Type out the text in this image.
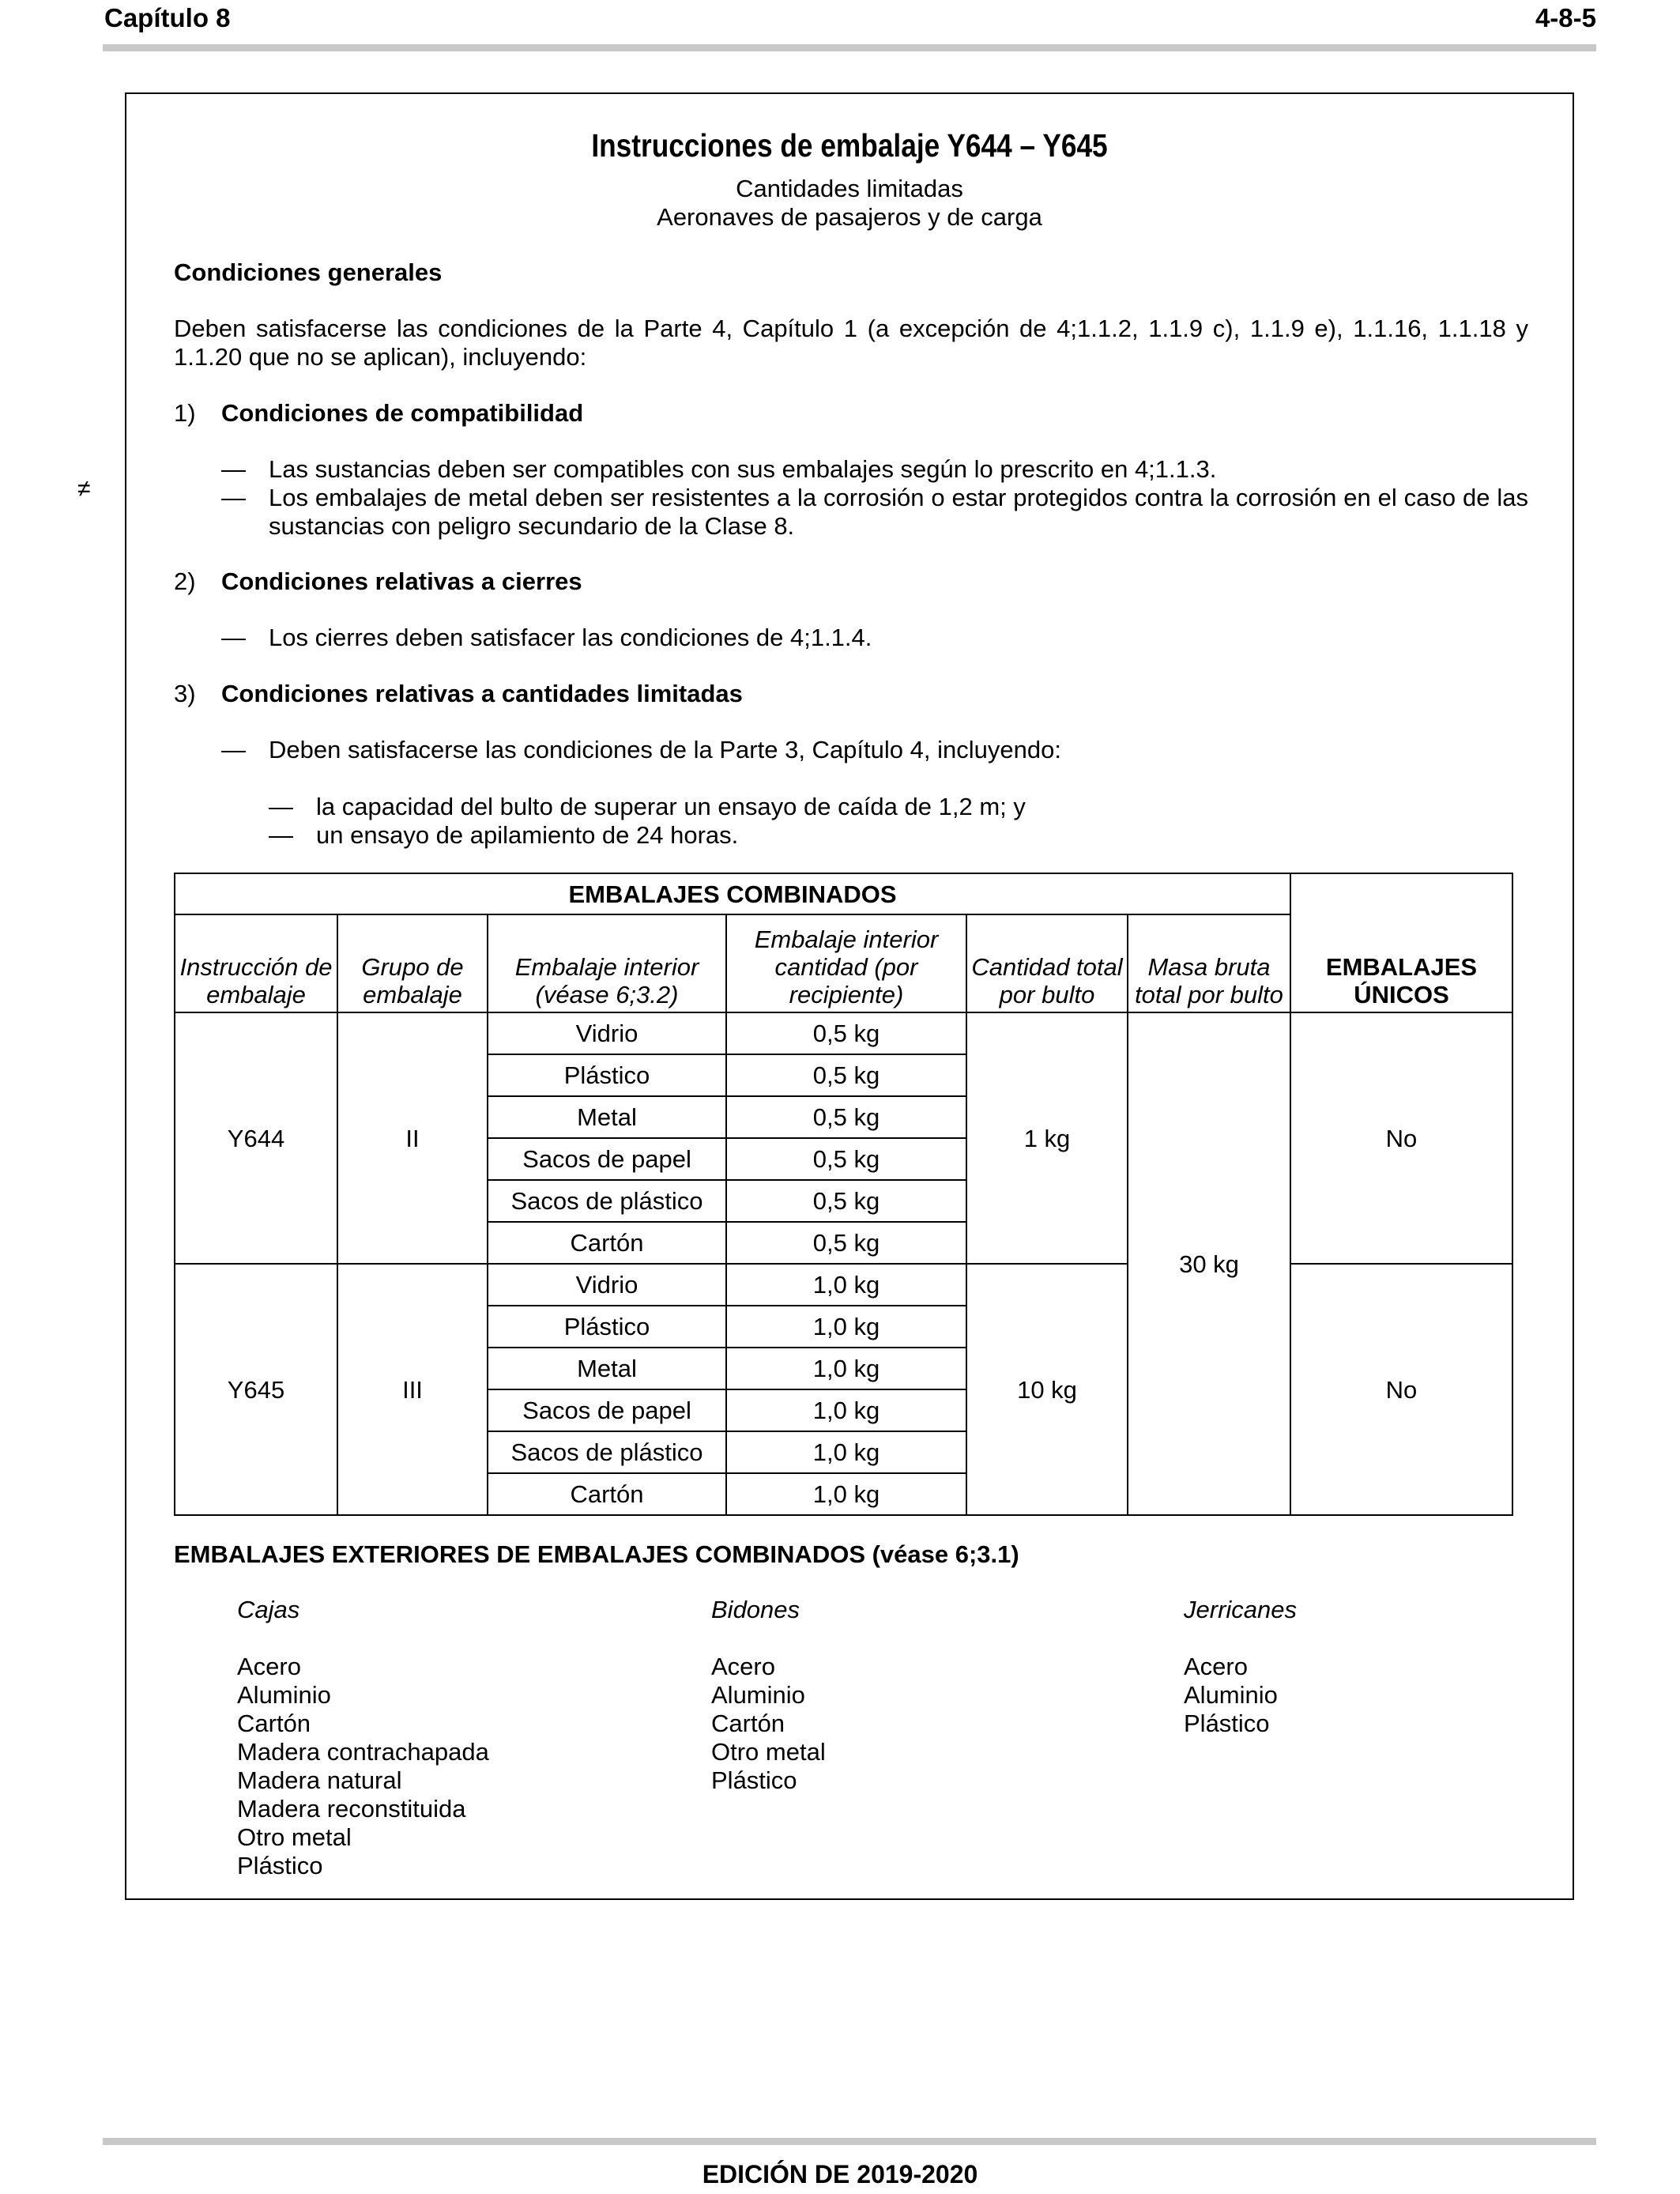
Capítulo 8	4-8-5
≠
Instrucciones de embalaje Y644 – Y645
Cantidades limitadas
Aeronaves de pasajeros y de carga
Condiciones generales
Deben satisfacerse las condiciones de la Parte 4, Capítulo 1 (a excepción de 4;1.1.2, 1.1.9 c), 1.1.9 e), 1.1.16, 1.1.18 y 1.1.20 que no se aplican), incluyendo:
1) Condiciones de compatibilidad
— Las sustancias deben ser compatibles con sus embalajes según lo prescrito en 4;1.1.3.
— Los embalajes de metal deben ser resistentes a la corrosión o estar protegidos contra la corrosión en el caso de las sustancias con peligro secundario de la Clase 8.
2) Condiciones relativas a cierres
— Los cierres deben satisfacer las condiciones de 4;1.1.4.
3) Condiciones relativas a cantidades limitadas
— Deben satisfacerse las condiciones de la Parte 3, Capítulo 4, incluyendo:
— la capacidad del bulto de superar un ensayo de caída de 1,2 m; y
— un ensayo de apilamiento de 24 horas.
EMBALAJES COMBINADOS						EMBALAJES ÚNICOS
Instrucción de embalaje	Grupo de embalaje	Embalaje interior (véase 6;3.2)	Embalaje interior cantidad (por recipiente)	Cantidad total por bulto	Masa bruta total por bulto	
Y644	II	Vidrio	0,5 kg	1 kg	30 kg	No
		Plástico	0,5 kg			
		Metal	0,5 kg			
		Sacos de papel	0,5 kg			
		Sacos de plástico	0,5 kg			
		Cartón	0,5 kg			
Y645	III	Vidrio	1,0 kg	10 kg		No
		Plástico	1,0 kg			
		Metal	1,0 kg			
		Sacos de papel	1,0 kg			
		Sacos de plástico	1,0 kg			
		Cartón	1,0 kg			
EMBALAJES EXTERIORES DE EMBALAJES COMBINADOS (véase 6;3.1)
Cajas
Acero
Aluminio
Cartón
Madera contrachapada
Madera natural
Madera reconstituida
Otro metal
Plástico
Bidones
Acero
Aluminio
Cartón
Otro metal
Plástico
Jerricanes
Acero
Aluminio
Plástico
EDICIÓN DE 2019-2020
